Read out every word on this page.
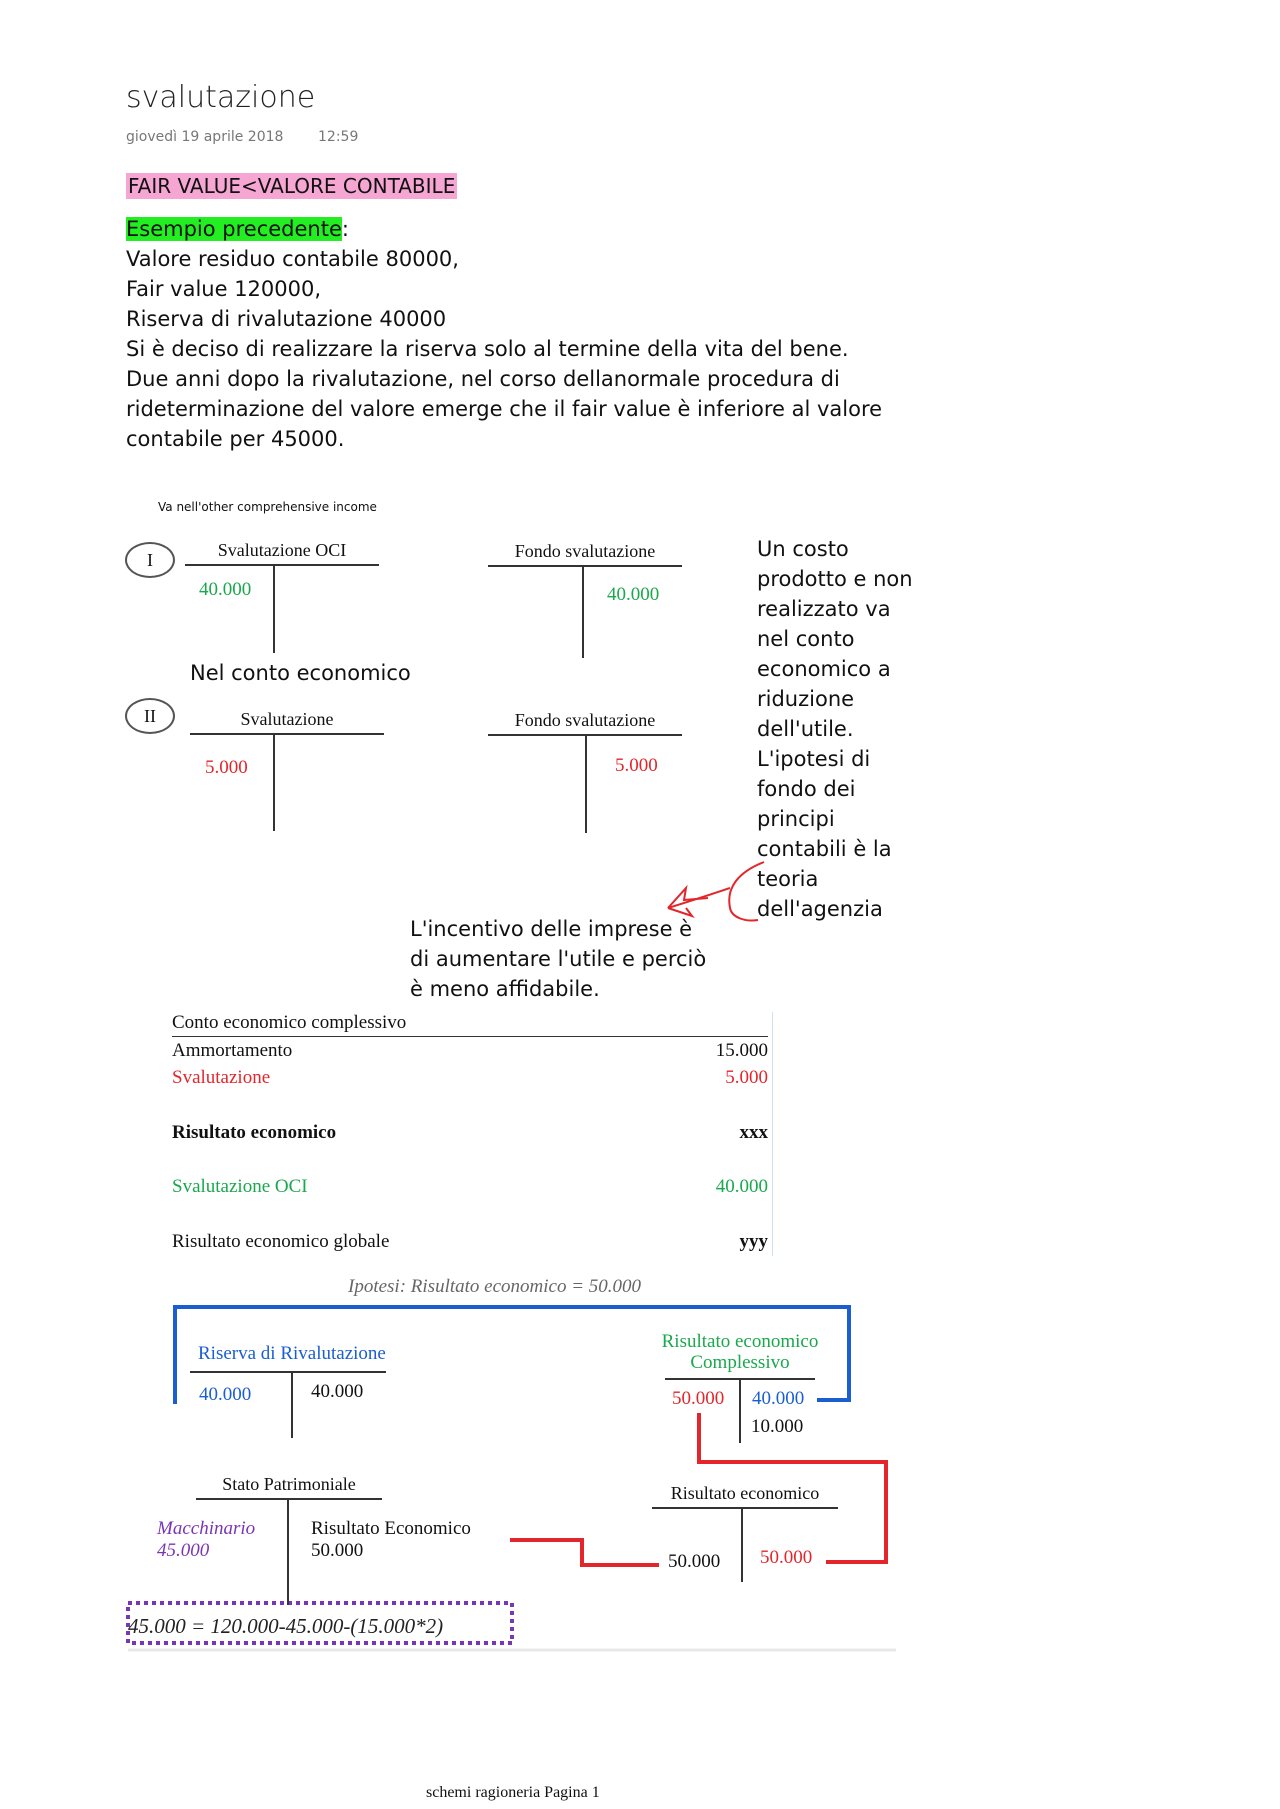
svalutazione
giovedì 19 aprile 2018 12:59
FAIR VALUE<VALORE CONTABILE
Esempio precedente:
Valore residuo contabile 80000,
Fair value 120000,
Riserva di rivalutazione 40000
Si è deciso di realizzare la riserva solo al termine della vita del bene.
Due anni dopo la rivalutazione, nel corso dellanormale procedura di
rideterminazione del valore emerge che il fair value è inferiore al valore
contabile per 45000.
Va nell'other comprehensive income
I	Svalutazione OCI
40.000
Fondo svalutazione
40.000
Nel conto economico
II	Svalutazione
5.000
Fondo svalutazione
5.000
Un costo prodotto e non realizzato va nel conto economico a riduzione dell'utile. L'ipotesi di fondo dei principi contabili è la teoria dell'agenzia
L'incentivo delle imprese è di aumentare l'utile e perciò è meno affidabile.
Conto economico complessivo
Ammortamento	15.000
Svalutazione	5.000
Risultato economico	xxx
Svalutazione OCI	40.000
Risultato economico globale	yyy
Ipotesi: Risultato economico = 50.000
Riserva di Rivalutazione
40.000	40.000
Risultato economico
Complessivo
50.000 40.000
10.000
Stato Patrimoniale
Macchinario
45.000
Risultato Economico
50.000
Risultato economico
50.000 50.000
45.000 = 120.000-45.000-(15.000*2)
schemi ragioneria Pagina 1
